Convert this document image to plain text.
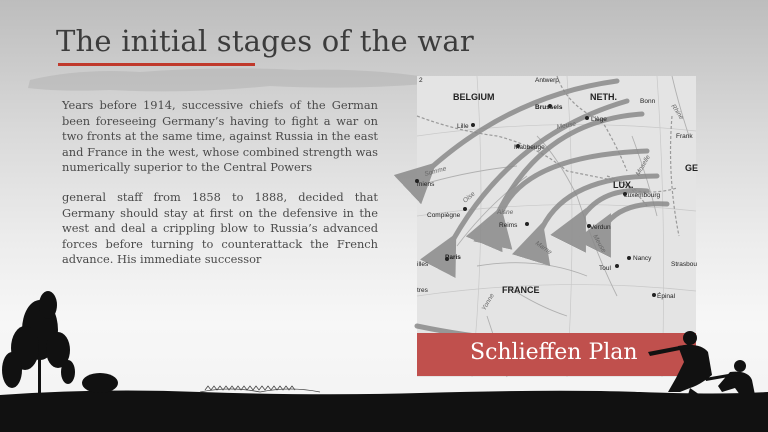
The initial stages of the war
Years before 1914, successive chiefs of the German been foreseeing Germany’s having to fight a war on two fronts at the same time, against Russia in the east and France in the west, whose combined strength was numerically superior to the Central Powers
general staff from 1858 to 1888, decided that Germany should stay at first on the defensive in the west and deal a crippling blow to Russia’s advanced forces before turning to counterattack the French advance. His immediate successor
BELGIUM	NETH.
LUX.
FRANCE
GE
Antwerp
Brussels
Liège
Lille
Maubeuge
Bonn
Frank
Luxembourg
Verdun
Compiègne
Reims
Paris	Nancy
Toul
Strasbou
Épinal
miens
illes
tres
2
Somme
Meuse
Oise
Aisne
Marne
Moselle
Rhine
Meuse
Yonne
Schlieffen Plan
